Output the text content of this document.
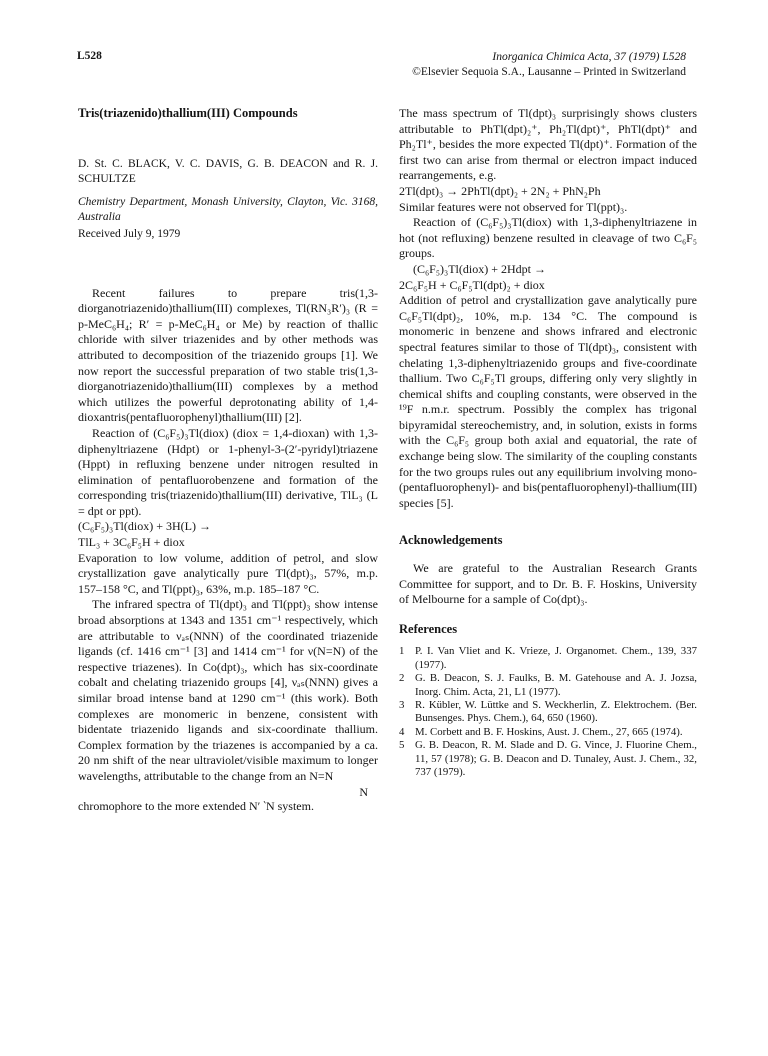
L528	Inorganica Chimica Acta, 37 (1979) L528
©Elsevier Sequoia S.A., Lausanne – Printed in Switzerland

Tris(triazenido)thallium(III) Compounds

D. St. C. BLACK, V. C. DAVIS, G. B. DEACON and R. J. SCHULTZE

Chemistry Department, Monash University, Clayton, Vic. 3168, Australia

Received July 9, 1979

Recent failures to prepare tris(1,3-diorganotriazenido)thallium(III) complexes, Tl(RN₃R′)₃ (R = p-MeC₆H₄; R′ = p-MeC₆H₄ or Me) by reaction of thallic chloride with silver triazenides and by other methods was attributed to decomposition of the triazenido groups [1]. We now report the successful preparation of two stable tris(1,3-diorganotriazenido)thallium(III) complexes by a method which utilizes the powerful deprotonating ability of 1,4-dioxantris(pentafluorophenyl)thallium(III) [2].

Reaction of (C₆F₅)₃Tl(diox) (diox = 1,4-dioxan) with 1,3-diphenyltriazene (Hdpt) or 1-phenyl-3-(2′-pyridyl)triazene (Hppt) in refluxing benzene under nitrogen resulted in elimination of pentafluorobenzene and formation of the corresponding tris(triazenido)thallium(III) derivative, TlL₃ (L = dpt or ppt).

(C₆F₅)₃Tl(diox) + 3H(L) →

TlL₃ + 3C₆F₅H + diox

Evaporation to low volume, addition of petrol, and slow crystallization gave analytically pure Tl(dpt)₃, 57%, m.p. 157–158 °C, and Tl(ppt)₃, 63%, m.p. 185–187 °C.

The infrared spectra of Tl(dpt)₃ and Tl(ppt)₃ show intense broad absorptions at 1343 and 1351 cm⁻¹ respectively, which are attributable to νₐₛ(NNN) of the coordinated triazenide ligands (cf. 1416 cm⁻¹ [3] and 1414 cm⁻¹ for ν(N=N) of the respective triazenes). In Co(dpt)₃, which has six-coordinate cobalt and chelating triazenido groups [4], νₐₛ(NNN) gives a similar broad intense band at 1290 cm⁻¹ (this work). Both complexes are monomeric in benzene, consistent with bidentate triazenido ligands and six-coordinate thallium. Complex formation by the triazenes is accompanied by a ca. 20 nm shift of the near ultraviolet/visible maximum to longer wavelengths, attributable to the change from an N=N

N

chromophore to the more extended N′ ‵N system.

The mass spectrum of Tl(dpt)₃ surprisingly shows clusters attributable to PhTl(dpt)₂⁺, Ph₂Tl(dpt)⁺, PhTl(dpt)⁺ and Ph₂Tl⁺, besides the more expected Tl(dpt)⁺. Formation of the first two can arise from thermal or electron impact induced rearrangements, e.g.

2Tl(dpt)₃ → 2PhTl(dpt)₂ + 2N₂ + PhN₂Ph

Similar features were not observed for Tl(ppt)₃.

Reaction of (C₆F₅)₃Tl(diox) with 1,3-diphenyltriazene in hot (not refluxing) benzene resulted in cleavage of two C₆F₅ groups.

(C₆F₅)₃Tl(diox) + 2Hdpt →

2C₆F₅H + C₆F₅Tl(dpt)₂ + diox

Addition of petrol and crystallization gave analytically pure C₆F₅Tl(dpt)₂, 10%, m.p. 134 °C. The compound is monomeric in benzene and shows infrared and electronic spectral features similar to those of Tl(dpt)₃, consistent with chelating 1,3-diphenyltriazenido groups and five-coordinate thallium. Two C₆F₅Tl groups, differing only very slightly in chemical shifts and coupling constants, were observed in the ¹⁹F n.m.r. spectrum. Possibly the complex has trigonal bipyramidal stereochemistry, and, in solution, exists in forms with the C₆F₅ group both axial and equatorial, the rate of exchange being slow. The similarity of the coupling constants for the two groups rules out any equilibrium involving mono-(pentafluorophenyl)- and bis(pentafluorophenyl)-thallium(III) species [5].

Acknowledgements

We are grateful to the Australian Research Grants Committee for support, and to Dr. B. F. Hoskins, University of Melbourne for a sample of Co(dpt)₃.

References

1 P. I. Van Vliet and K. Vrieze, J. Organomet. Chem., 139, 337 (1977).
2 G. B. Deacon, S. J. Faulks, B. M. Gatehouse and A. J. Jozsa, Inorg. Chim. Acta, 21, L1 (1977).
3 R. Kübler, W. Lüttke and S. Weckherlin, Z. Elektrochem. (Ber. Bunsenges. Phys. Chem.), 64, 650 (1960).
4 M. Corbett and B. F. Hoskins, Aust. J. Chem., 27, 665 (1974).
5 G. B. Deacon, R. M. Slade and D. G. Vince, J. Fluorine Chem., 11, 57 (1978); G. B. Deacon and D. Tunaley, Aust. J. Chem., 32, 737 (1979).
